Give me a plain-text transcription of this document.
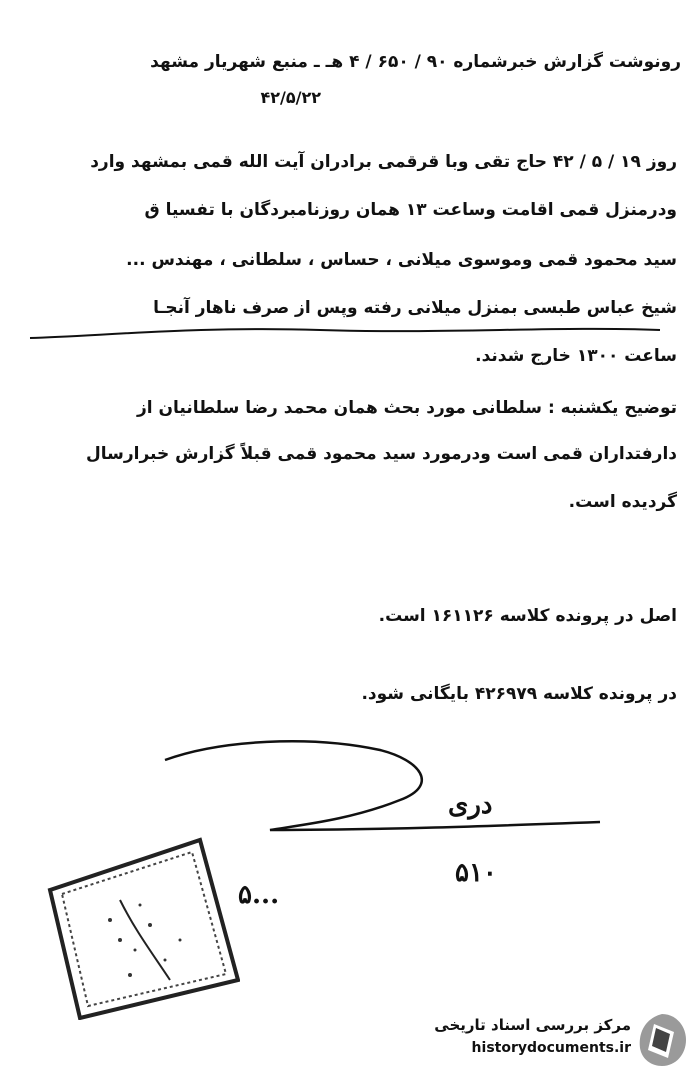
رونوشت گزارش خبرشماره ۹۰ / ۶۵۰ / ۴ هـ ـ منبع شهریار مشهد
۴۲/۵/۲۲
روز ۱۹ / ۵ / ۴۲ حاج تقی وبا قرقمی برادران آیت الله قمی بمشهد وارد
ودرمنزل قمی اقامت وساعت ۱۳ همان روزنامبردگان با تفسیا ق
سید محمود قمی وموسوی میلانی ، حساس ، سلطانی ، مهندس ...
شیخ عباس طبسی بمنزل میلانی رفته وپس از صرف ناهار آنجـا
ساعت ۱۳۰۰ خارج شدند.
توضیح یکشنبه : سلطانی مورد بحث همان محمد رضا سلطانیان از
دارفتداران قمی است ودرمورد سید محمود قمی قبلاً گزارش خبرارسال
گردیده است.
اصل در پرونده کلاسه ۱۶۱۱۲۶ است.
در پرونده کلاسه ۴۲۶۹۷۹ بایگانی شود.
دری
۵۱۰
...۵
مرکز بررسی اسناد تاریخی
historydocuments.ir
